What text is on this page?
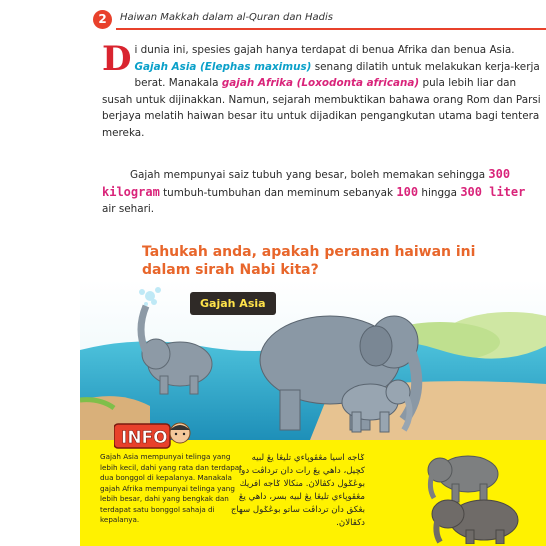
2	Haiwan Makkah dalam al-Quran dan Hadis

Di dunia ini, spesies gajah hanya terdapat di benua Afrika dan benua Asia. Gajah Asia (Elephas maximus) senang dilatih untuk melakukan kerja-kerja berat. Manakala gajah Afrika (Loxodonta africana) pula lebih liar dan susah untuk dijinakkan. Namun, sejarah membuktikan bahawa orang Rom dan Parsi berjaya melatih haiwan besar itu untuk dijadikan pengangkutan utama bagi tentera mereka.

Gajah mempunyai saiz tubuh yang besar, boleh memakan sehingga 300 kilogram tumbuh-tumbuhan dan meminum sebanyak 100 hingga 300 liter air sehari.

Tahukah anda, apakah peranan haiwan ini dalam sirah Nabi kita?
Gajah Asia
INFO
Gajah Asia mempunyai telinga yang lebih kecil, dahi yang rata dan terdapat dua bonggol di kepalanya. Manakala gajah Afrika mempunyai telinga yang lebih besar, dahi yang bengkak dan terdapat satu bonggol sahaja di kepalanya.
ݢاجه اسيا مڠڤوڽاءي تليڠا يڠ لبيه كچيل، داهي يڠ رات دان ترداڤت دوا بوڠݢول دكڤالاڽ. منكالا ݢاجه افريك مڠڤوڽاءي تليڠا يڠ لبيه بسر، داهي يڠ بڠکق دان ترداڤت ساتو بوڠݢول سهاج دكڤالاڽ.
